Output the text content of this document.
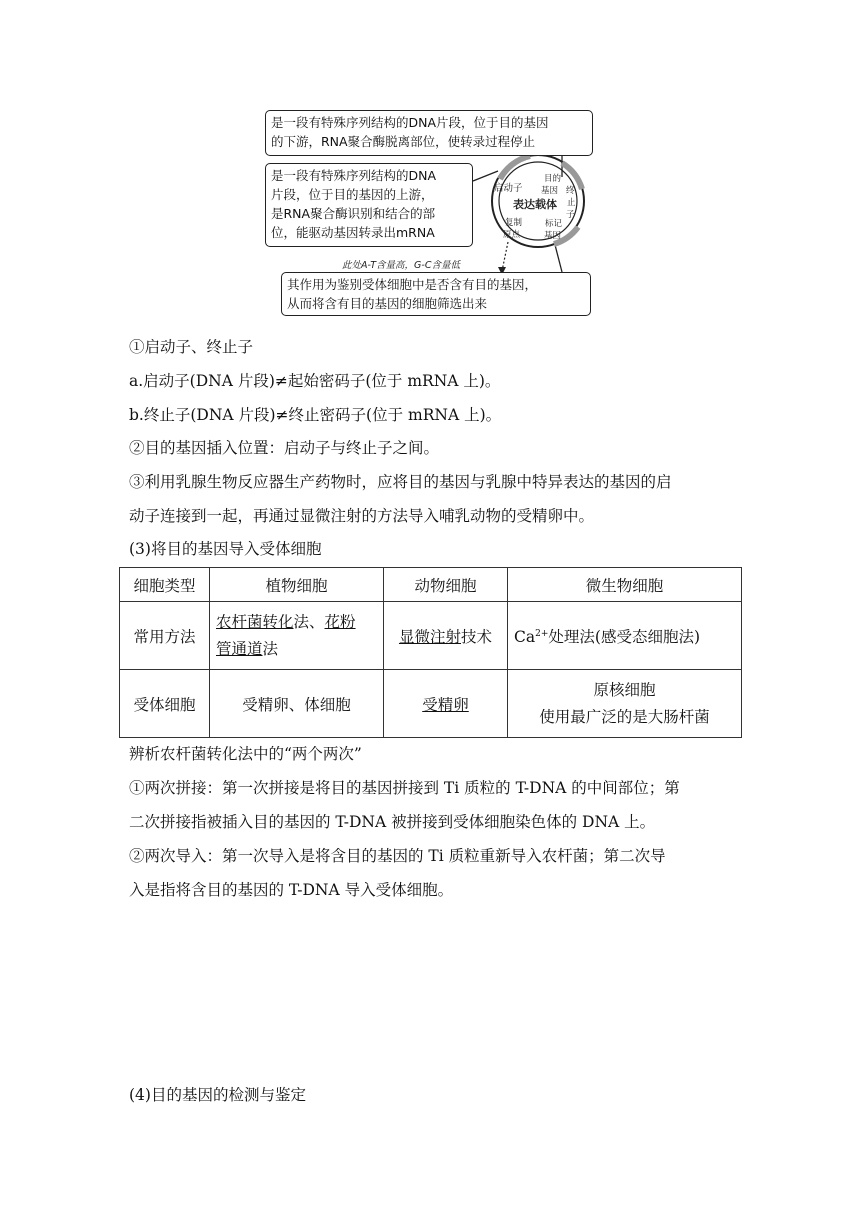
启动子
目的
基因 终
止
子
表达载体
复制
原点
标记
基因
是一段有特殊序列结构的DNA片段，位于目的基因
的下游，RNA聚合酶脱离部位，使转录过程停止
是一段有特殊序列结构的DNA
片段，位于目的基因的上游，
是RNA聚合酶识别和结合的部
位，能驱动基因转录出mRNA
此处A-T含量高，G-C含量低
其作用为鉴别受体细胞中是否含有目的基因，
从而将含有目的基因的细胞筛选出来
①启动子、终止子
a.启动子(DNA 片段)≠起始密码子(位于 mRNA 上)。
b.终止子(DNA 片段)≠终止密码子(位于 mRNA 上)。
②目的基因插入位置：启动子与终止子之间。
③利用乳腺生物反应器生产药物时，应将目的基因与乳腺中特异表达的基因的启
动子连接到一起，再通过显微注射的方法导入哺乳动物的受精卵中。
(3)将目的基因导入受体细胞
细胞类型	植物细胞	动物细胞	微生物细胞
常用方法	农杆菌转化法、花粉
管通道法	显微注射技术	$Ca^{2+}$处理法(感受态细胞法)
受体细胞	受精卵、体细胞	受精卵	原核细胞
使用最广泛的是大肠杆菌
辨析农杆菌转化法中的“两个两次”
①两次拼接：第一次拼接是将目的基因拼接到 Ti 质粒的 T-DNA 的中间部位；第
二次拼接指被插入目的基因的 T-DNA 被拼接到受体细胞染色体的 DNA 上。
②两次导入：第一次导入是将含目的基因的 Ti 质粒重新导入农杆菌；第二次导
入是指将含目的基因的 T-DNA 导入受体细胞。
(4)目的基因的检测与鉴定
